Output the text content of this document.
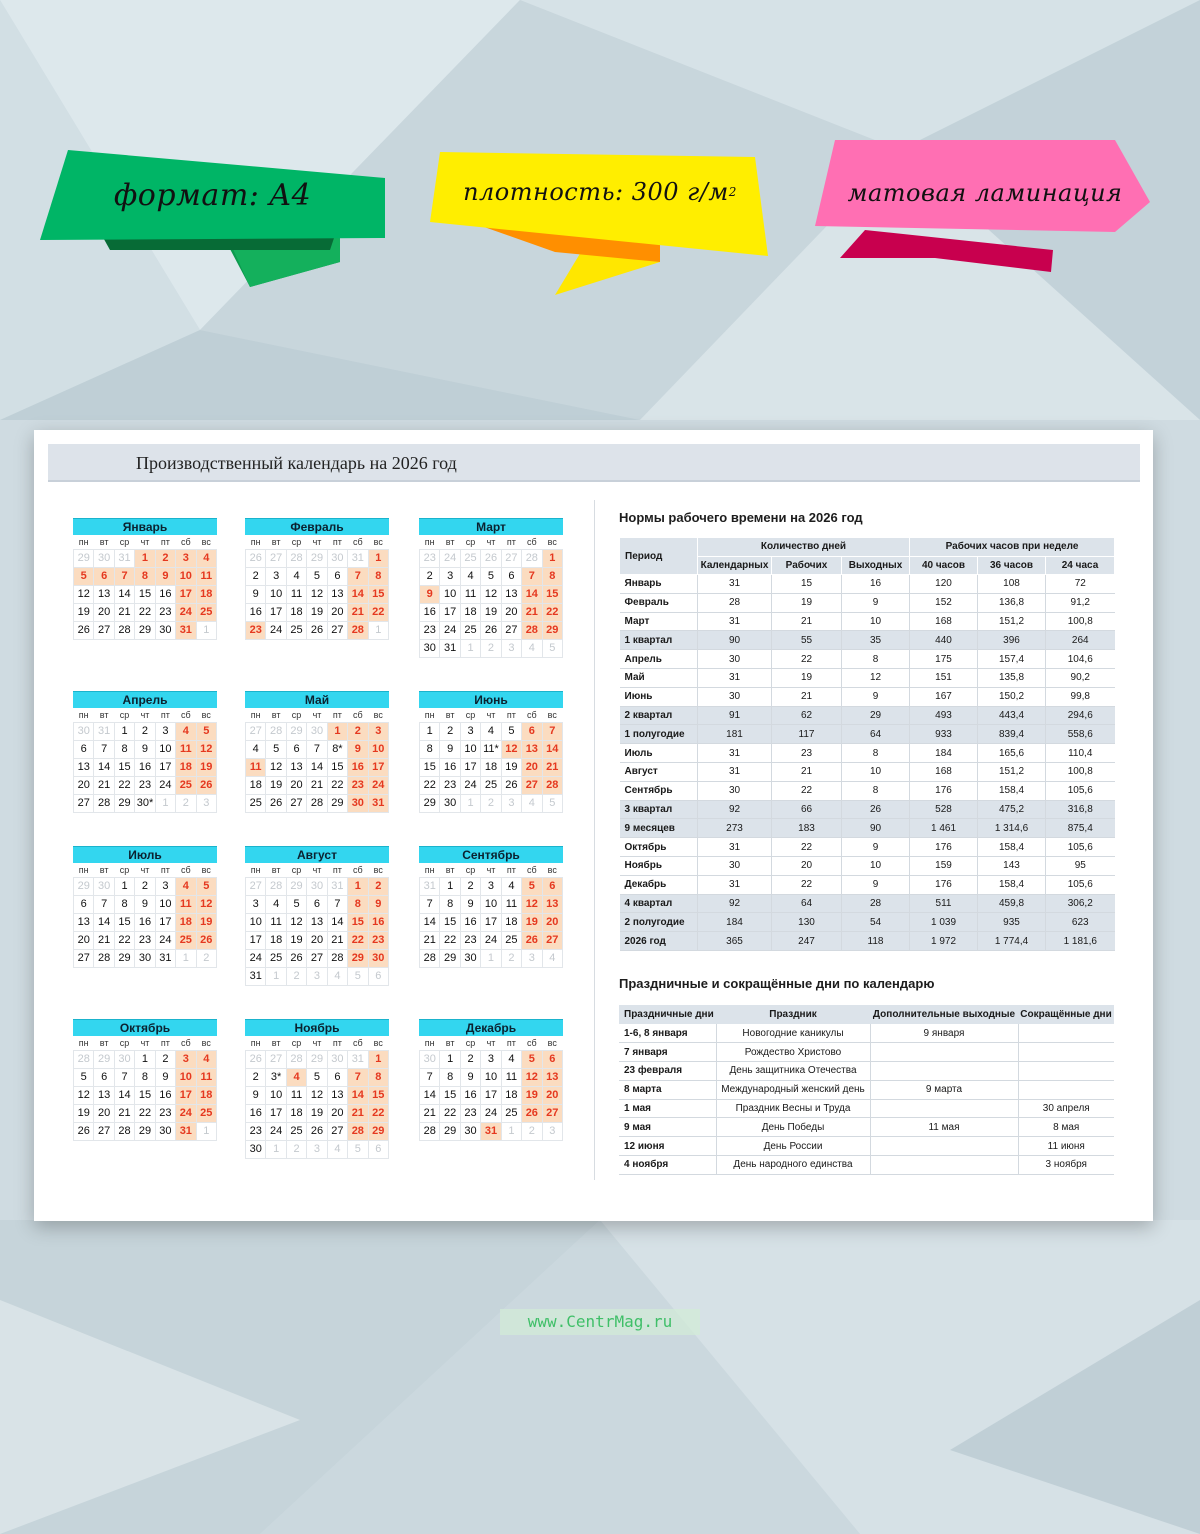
формат: A4	плотность: 300 г/м 2	матовая ламинация
Производственный календарь на 2026 год
Январь
пн	вт	ср	чт	пт	сб	вс
29	30	31	1	2	3	4
5	6	7	8	9	10	11
12	13	14	15	16	17	18
19	20	21	22	23	24	25
26	27	28	29	30	31	1
Февраль
пн	вт	ср	чт	пт	сб	вс
26	27	28	29	30	31	1
2	3	4	5	6	7	8
9	10	11	12	13	14	15
16	17	18	19	20	21	22
23	24	25	26	27	28	1
Март
пн	вт	ср	чт	пт	сб	вс
23	24	25	26	27	28	1
2	3	4	5	6	7	8
9	10	11	12	13	14	15
16	17	18	19	20	21	22
23	24	25	26	27	28	29
30	31	1	2	3	4	5
Апрель
пн	вт	ср	чт	пт	сб	вс
30	31	1	2	3	4	5
6	7	8	9	10	11	12
13	14	15	16	17	18	19
20	21	22	23	24	25	26
27	28	29	30*	1	2	3
Май
пн	вт	ср	чт	пт	сб	вс
27	28	29	30	1	2	3
4	5	6	7	8*	9	10
11	12	13	14	15	16	17
18	19	20	21	22	23	24
25	26	27	28	29	30	31
Июнь
пн	вт	ср	чт	пт	сб	вс
1	2	3	4	5	6	7
8	9	10	11*	12	13	14
15	16	17	18	19	20	21
22	23	24	25	26	27	28
29	30	1	2	3	4	5
Июль
пн	вт	ср	чт	пт	сб	вс
29	30	1	2	3	4	5
6	7	8	9	10	11	12
13	14	15	16	17	18	19
20	21	22	23	24	25	26
27	28	29	30	31	1	2
Август
пн	вт	ср	чт	пт	сб	вс
27	28	29	30	31	1	2
3	4	5	6	7	8	9
10	11	12	13	14	15	16
17	18	19	20	21	22	23
24	25	26	27	28	29	30
31	1	2	3	4	5	6
Сентябрь
пн	вт	ср	чт	пт	сб	вс
31	1	2	3	4	5	6
7	8	9	10	11	12	13
14	15	16	17	18	19	20
21	22	23	24	25	26	27
28	29	30	1	2	3	4
Октябрь
пн	вт	ср	чт	пт	сб	вс
28	29	30	1	2	3	4
5	6	7	8	9	10	11
12	13	14	15	16	17	18
19	20	21	22	23	24	25
26	27	28	29	30	31	1
Ноябрь
пн	вт	ср	чт	пт	сб	вс
26	27	28	29	30	31	1
2	3*	4	5	6	7	8
9	10	11	12	13	14	15
16	17	18	19	20	21	22
23	24	25	26	27	28	29
30	1	2	3	4	5	6
Декабрь
пн	вт	ср	чт	пт	сб	вс
30	1	2	3	4	5	6
7	8	9	10	11	12	13
14	15	16	17	18	19	20
21	22	23	24	25	26	27
28	29	30	31	1	2	3
Нормы рабочего времени на 2026 год
Период	Количество дней			Рабочих часов при неделе		
	Календарных	Рабочих	Выходных	40 часов	36 часов	24 часа
Январь	31	15	16	120	108	72
Февраль	28	19	9	152	136,8	91,2
Март	31	21	10	168	151,2	100,8
1 квартал	90	55	35	440	396	264
Апрель	30	22	8	175	157,4	104,6
Май	31	19	12	151	135,8	90,2
Июнь	30	21	9	167	150,2	99,8
2 квартал	91	62	29	493	443,4	294,6
1 полугодие	181	117	64	933	839,4	558,6
Июль	31	23	8	184	165,6	110,4
Август	31	21	10	168	151,2	100,8
Сентябрь	30	22	8	176	158,4	105,6
3 квартал	92	66	26	528	475,2	316,8
9 месяцев	273	183	90	1 461	1 314,6	875,4
Октябрь	31	22	9	176	158,4	105,6
Ноябрь	30	20	10	159	143	95
Декабрь	31	22	9	176	158,4	105,6
4 квартал	92	64	28	511	459,8	306,2
2 полугодие	184	130	54	1 039	935	623
2026 год	365	247	118	1 972	1 774,4	1 181,6
Праздничные и сокращённые дни по календарю
Праздничные дни	Праздник	Дополнительные выходные	Сокращённые дни
1-6, 8 января	Новогодние каникулы	9 января	
7 января	Рождество Христово		
23 февраля	День защитника Отечества		
8 марта	Международный женский день	9 марта	
1 мая	Праздник Весны и Труда		30 апреля
9 мая	День Победы	11 мая	8 мая
12 июня	День России		11 июня
4 ноября	День народного единства		3 ноября
www.CentrMag.ru
